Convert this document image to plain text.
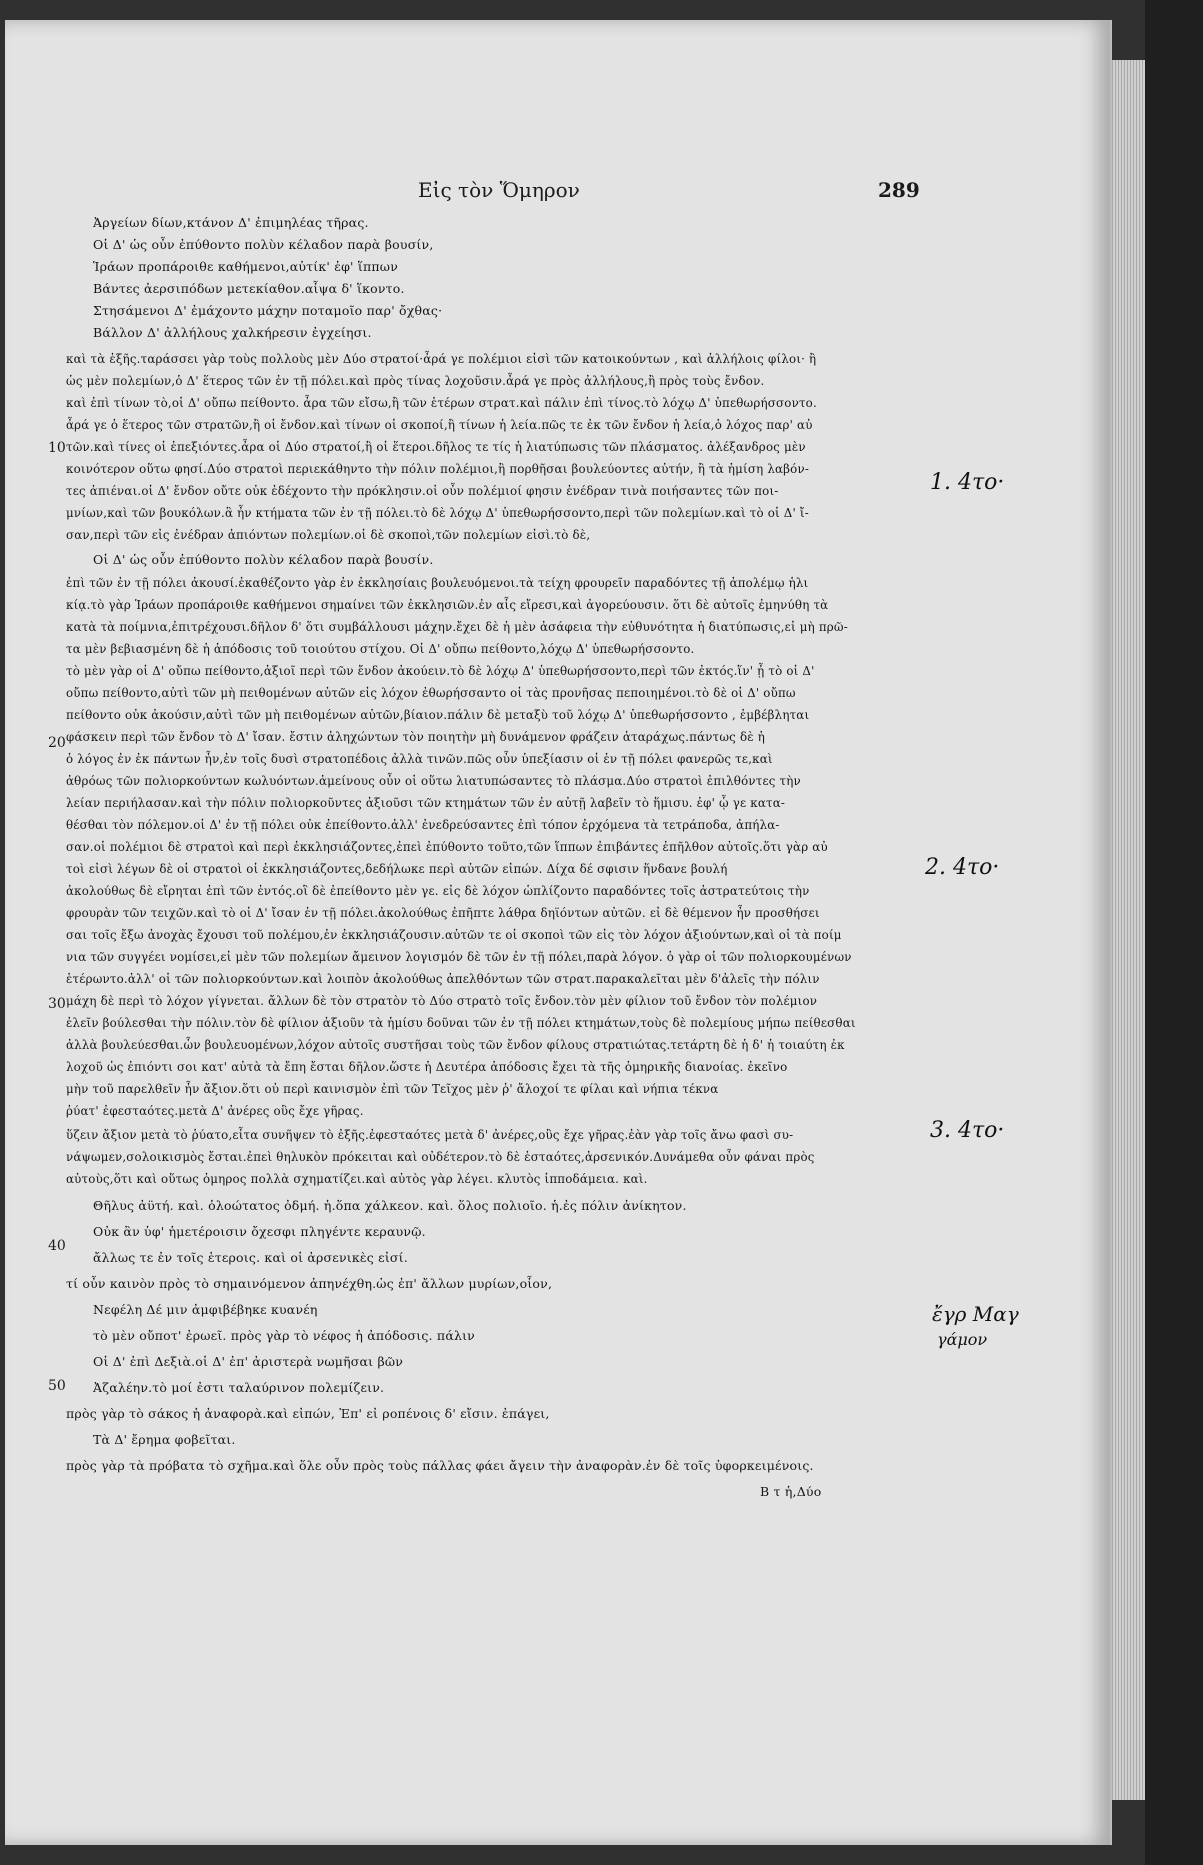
Εἰς τὸν Ὅμηρον	289
Ἀργείων δίων,κτάνον Δ' ἐπιμηλέας τῆρας.
Οἱ Δ' ὡς οὖν ἐπύθοντο πολὺν κέλαδον παρὰ βουσίν,
Ἱράων προπάροιθε καθήμενοι,αὐτίκ' ἐφ' ἵππων
Βάντες ἀερσιπόδων μετεκίαθον.αἶψα δ' ἵκοντο.
Στησάμενοι Δ' ἐμάχοντο μάχην ποταμοῖο παρ' ὄχθας·
Βάλλον Δ' ἀλλήλους χαλκήρεσιν ἐγχείησι.
καὶ τὰ ἑξῆς.ταράσσει γὰρ τοὺς πολλοὺς μὲν Δύο στρατοί·ἆρά γε πολέμιοι εἰσὶ τῶν κατοικούντων , καὶ ἀλλήλοις φίλοι· ἢ
ὡς μὲν πολεμίων,ὁ Δ' ἕτερος τῶν ἐν τῇ πόλει.καὶ πρὸς τίνας λοχοῦσιν.ἆρά γε πρὸς ἀλλήλους,ἢ πρὸς τοὺς ἔνδον.
καὶ ἐπὶ τίνων τὸ,οἱ Δ' οὔπω πείθοντο. ἆρα τῶν εἴσω,ἢ τῶν ἑτέρων στρατ.καὶ πάλιν ἐπὶ τίνος.τὸ λόχῳ Δ' ὑπεθωρήσσοντο.
ἆρά γε ὁ ἕτερος τῶν στρατῶν,ἢ οἱ ἔνδον.καὶ τίνων οἱ σκοποί,ἢ τίνων ἡ λεία.πῶς τε ἐκ τῶν ἔνδον ἡ λεία,ὁ λόχος παρ' αὐ
τῶν.καὶ τίνες οἱ ἐπεξιόντες.ἆρα οἱ Δύο στρατοί,ἢ οἱ ἕτεροι.δῆλος τε τίς ἡ λιατύπωσις τῶν πλάσματος. ἀλέξανδρος μὲν
κοινότερον οὕτω φησί.Δύο στρατοὶ περιεκάθηντο τὴν πόλιν πολέμιοι,ἢ πορθῆσαι βουλεύοντες αὐτήν, ἢ τὰ ἡμίση λαβόν-
τες ἀπιέναι.οἱ Δ' ἔνδον οὔτε οὐκ ἐδέχοντο τὴν πρόκλησιν.οἱ οὖν πολέμιοί φησιν ἐνέδραν τινὰ ποιήσαντες τῶν ποι-
μνίων,καὶ τῶν βουκόλων.ἃ ἦν κτήματα τῶν ἐν τῇ πόλει.τὸ δὲ λόχῳ Δ' ὑπεθωρήσσοντο,περὶ τῶν πολεμίων.καὶ τὸ οἱ Δ' ἴ-
σαν,περὶ τῶν εἰς ἐνέδραν ἀπιόντων πολεμίων.οἱ δὲ σκοποὶ,τῶν πολεμίων εἰσὶ.τὸ δὲ,
Οἱ Δ' ὡς οὖν ἐπύθοντο πολὺν κέλαδον παρὰ βουσίν.
ἐπὶ τῶν ἐν τῇ πόλει ἀκουσί.ἐκαθέζοντο γὰρ ἐν ἐκκλησίαις βουλευόμενοι.τὰ τείχη φρουρεῖν παραδόντες τῇ ἀπολέμῳ ἡλι
κίᾳ.τὸ γὰρ Ἱράων προπάροιθε καθήμενοι σημαίνει τῶν ἐκκλησιῶν.ἐν αἷς εἴρεσι,καὶ ἀγορεύουσιν. ὅτι δὲ αὐτοῖς ἐμηνύθη τὰ
κατὰ τὰ ποίμνια,ἐπιτρέχουσι.δῆλον δ' ὅτι συμβάλλουσι μάχην.ἔχει δὲ ἡ μὲν ἀσάφεια τὴν εὐθυνότητα ἡ διατύπωσις,εἰ μὴ πρῶ-
τα μὲν βεβιασμένη δὲ ἡ ἀπόδοσις τοῦ τοιούτου στίχου. Οἱ Δ' οὔπω πείθοντο,λόχῳ Δ' ὑπεθωρήσσοντο.
τὸ μὲν γὰρ οἱ Δ' οὔπω πείθοντο,ἀξιοῖ περὶ τῶν ἔνδον ἀκούειν.τὸ δὲ λόχῳ Δ' ὑπεθωρήσσοντο,περὶ τῶν ἐκτός.ἵν' ᾖ τὸ οἱ Δ'
οὔπω πείθοντο,αὐτὶ τῶν μὴ πειθομένων αὐτῶν εἰς λόχον ἐθωρήσσαντο οἱ τὰς προνῆσας πεποιημένοι.τὸ δὲ οἱ Δ' οὔπω
πείθοντο οὐκ ἀκούσιν,αὐτὶ τῶν μὴ πειθομένων αὐτῶν,βίαιον.πάλιν δὲ μεταξὺ τοῦ λόχῳ Δ' ὑπεθωρήσσοντο , ἐμβέβληται
φάσκειν περὶ τῶν ἔνδον τὸ Δ' ἴσαν. ἔστιν ἀληχώντων τὸν ποιητὴν μὴ δυνάμενον φράζειν ἀταράχως.πάντως δὲ ἡ
ὁ λόγος ἐν ἐκ πάντων ἦν,ἐν τοῖς δυσὶ στρατοπέδοις ἀλλὰ τινῶν.πῶς οὖν ὑπεξίασιν οἱ ἐν τῇ πόλει φανερῶς τε,καὶ
ἀθρόως τῶν πολιορκούντων κωλυόντων.ἀμείνους οὖν οἱ οὕτω λιατυπώσαντες τὸ πλάσμα.Δύο στρατοὶ ἐπιλθόντες τὴν
λείαν περιήλασαν.καὶ τὴν πόλιν πολιορκοῦντες ἀξιοῦσι τῶν κτημάτων τῶν ἐν αὐτῇ λαβεῖν τὸ ἥμισυ. ἐφ' ᾧ γε κατα-
θέσθαι τὸν πόλεμον.οἱ Δ' ἐν τῇ πόλει οὐκ ἐπείθοντο.ἀλλ' ἐνεδρεύσαντες ἐπὶ τόπον ἐρχόμενα τὰ τετράποδα, ἀπήλα-
σαν.οἱ πολέμιοι δὲ στρατοὶ καὶ περὶ ἐκκλησιάζοντες,ἐπεὶ ἐπύθοντο τοῦτο,τῶν ἵππων ἐπιβάντες ἐπῆλθον αὐτοῖς.ὅτι γὰρ αὐ
τοὶ εἰσὶ λέγων δὲ οἱ στρατοὶ οἱ ἐκκλησιάζοντες,δεδήλωκε περὶ αὐτῶν εἰπών. Δίχα δέ σφισιν ἥνδανε βουλή
ἀκολούθως δὲ εἴρηται ἐπὶ τῶν ἐντός.οἳ δὲ ἐπείθοντο μὲν γε. εἰς δὲ λόχον ὡπλίζοντο παραδόντες τοῖς ἀστρατεύτοις τὴν
φρουρὰν τῶν τειχῶν.καὶ τὸ οἱ Δ' ἴσαν ἐν τῇ πόλει.ἀκολούθως ἐπῆπτε λάθρα δηϊόντων αὐτῶν. εἰ δὲ θέμενον ἦν προσθήσει
σαι τοῖς ἔξω ἀνοχὰς ἔχουσι τοῦ πολέμου,ἐν ἐκκλησιάζουσιν.αὐτῶν τε οἱ σκοποὶ τῶν εἰς τὸν λόχον ἀξιούντων,καὶ οἱ τὰ ποίμ
νια τῶν συγγέει νομίσει,εἰ μὲν τῶν πολεμίων ἄμεινον λογισμόν δὲ τῶν ἐν τῇ πόλει,παρὰ λόγον. ὁ γὰρ οἱ τῶν πολιορκουμένων
ἑτέρωντο.ἀλλ' οἱ τῶν πολιορκούντων.καὶ λοιπὸν ἀκολούθως ἀπελθόντων τῶν στρατ.παρακαλεῖται μὲν δ'ἀλεῖς τὴν πόλιν
μάχη δὲ περὶ τὸ λόχον γίγνεται. ἄλλων δὲ τὸν στρατὸν τὸ Δύο στρατὸ τοῖς ἔνδον.τὸν μὲν φίλιον τοῦ ἔνδον τὸν πολέμιον
ἐλεῖν βούλεσθαι τὴν πόλιν.τὸν δὲ φίλιον ἀξιοῦν τὰ ἡμίσυ δοῦναι τῶν ἐν τῇ πόλει κτημάτων,τοὺς δὲ πολεμίους μήπω πείθεσθαι
ἀλλὰ βουλεύεσθαι.ὧν βουλευομένων,λόχον αὐτοῖς συστῆσαι τοὺς τῶν ἔνδον φίλους στρατιώτας.τετάρτη δὲ ἡ δ' ἡ τοιαύτη ἐκ
λοχοῦ ὡς ἐπιόντι σοι κατ' αὐτὰ τὰ ἔπη ἔσται δῆλον.ὥστε ἡ Δευτέρα ἀπόδοσις ἔχει τὰ τῆς ὁμηρικῆς διανοίας. ἐκεῖνο
μὴν τοῦ παρελθεῖν ἦν ἄξιον.ὅτι οὐ περὶ καινισμὸν ἐπὶ τῶν Τεῖχος μὲν ῥ' ἄλοχοί τε φίλαι καὶ νήπια τέκνα
ῥύατ' ἐφεσταότες.μετὰ Δ' ἀνέρες οὓς ἔχε γῆρας.
ὕζειν ἄξιον μετὰ τὸ ῥύατο,εἶτα συνῆψεν τὸ ἐξῆς.ἐφεσταότες μετὰ δ' ἀνέρες,οὓς ἔχε γῆρας.ἐὰν γὰρ τοῖς ἄνω φασὶ συ-
νάψωμεν,σολοικισμὸς ἔσται.ἐπεὶ θηλυκὸν πρόκειται καὶ οὐδέτερον.τὸ δὲ ἑσταότες,ἀρσενικόν.Δυνάμεθα οὖν φάναι πρὸς
αὐτοὺς,ὅτι καὶ οὕτως ὁμηρος πολλὰ σχηματίζει.καὶ αὐτὸς γὰρ λέγει. κλυτὸς ἱπποδάμεια. καὶ.
Θῆλυς ἀϋτή. καὶ. ὀλοώτατος ὀδμή. ἡ.ὅπα χάλκεον. καὶ. ὅλος πολιοῖο. ἡ.ἐς πόλιν ἀνίκητον.
Οὐκ ἂν ὑφ' ἡμετέροισιν ὄχεσφι πληγέντε κεραυνῷ.
ἄλλως τε ἐν τοῖς ἑτεροις. καὶ οἱ ἀρσενικὲς εἰσί.
τί οὖν καινὸν πρὸς τὸ σημαινόμενον ἀπηνέχθη.ὡς ἐπ' ἄλλων μυρίων,οἷον,
Νεφέλη Δέ μιν ἀμφιβέβηκε κυανέη
τὸ μὲν οὔποτ' ἐρωεῖ. πρὸς γὰρ τὸ νέφος ἡ ἀπόδοσις. πάλιν
Οἱ Δ' ἐπὶ Δεξιὰ.οἱ Δ' ἐπ' ἀριστερὰ νωμῆσαι βῶν
Ἀζαλέην.τὸ μοί ἐστι ταλαύρινον πολεμίζειν.
πρὸς γὰρ τὸ σάκος ἡ ἀναφορὰ.καὶ εἰπών, Ἐπ' εἰ ροπένοις δ' εἴσιν. ἐπάγει,
Τὰ Δ' ἔρημα φοβεῖται.
πρὸς γὰρ τὰ πρόβατα τὸ σχῆμα.καὶ ὅλε οὖν πρὸς τοὺς πάλλας φάει ἄγειν τὴν ἀναφορὰν.ἐν δὲ τοῖς ὑφορκειμένοις.
Β τ ἡ,Δύο
10
20
30
40
50
1. 4το·
2. 4το·
3. 4το·
ἔγρ Μαγ
γάμον
